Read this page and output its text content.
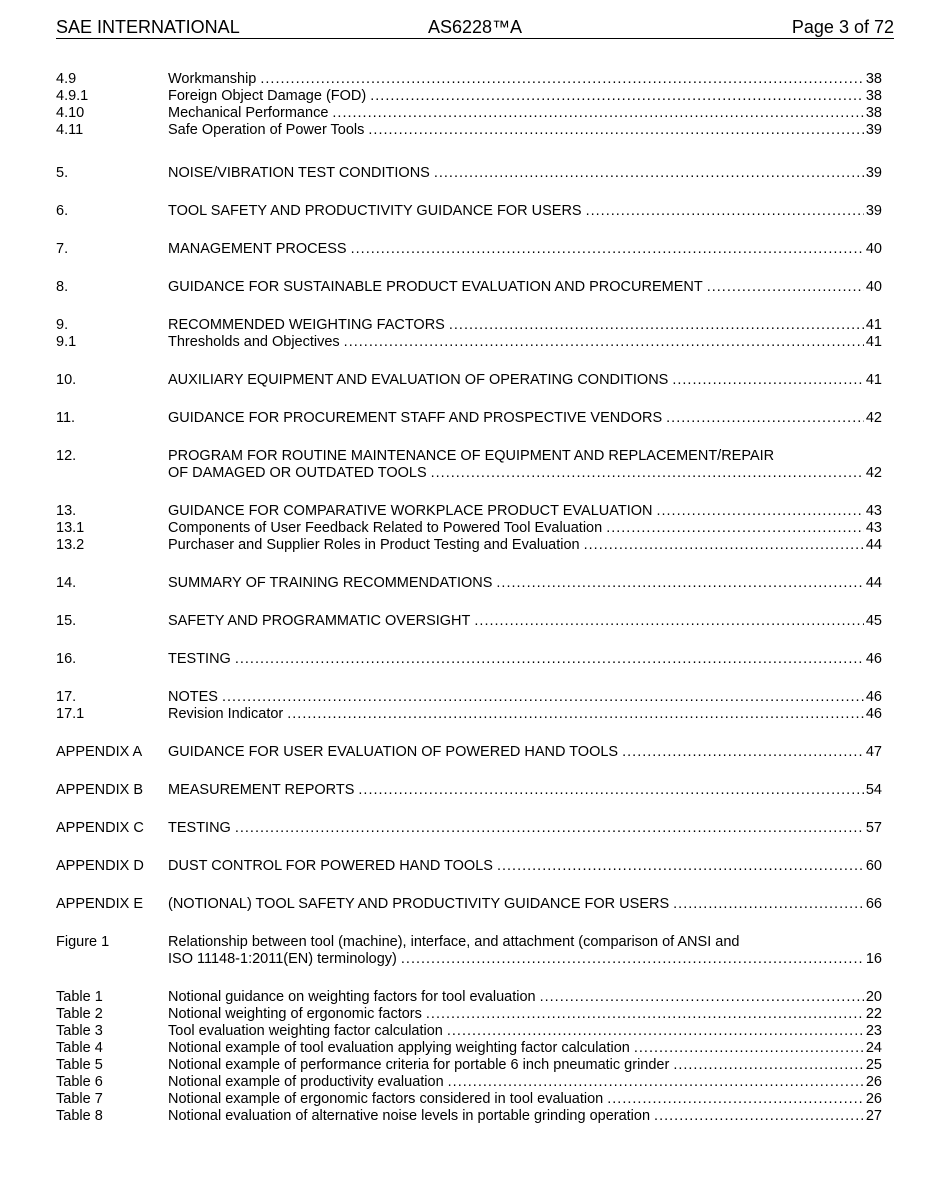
SAE INTERNATIONAL	AS6228™A	Page 3 of 72
4.9	Workmanship .....	38
4.9.1	Foreign Object Damage (FOD) .....	38
4.10	Mechanical Performance .....	38
4.11	Safe Operation of Power Tools .....	39
5.	NOISE/VIBRATION TEST CONDITIONS .....	39
6.	TOOL SAFETY AND PRODUCTIVITY GUIDANCE FOR USERS .....	39
7.	MANAGEMENT PROCESS .....	40
8.	GUIDANCE FOR SUSTAINABLE PRODUCT EVALUATION AND PROCUREMENT .....	40
9.	RECOMMENDED WEIGHTING FACTORS .....	41
9.1	Thresholds and Objectives .....	41
10.	AUXILIARY EQUIPMENT AND EVALUATION OF OPERATING CONDITIONS .....	41
11.	GUIDANCE FOR PROCUREMENT STAFF AND PROSPECTIVE VENDORS .....	42
12.	PROGRAM FOR ROUTINE MAINTENANCE OF EQUIPMENT AND REPLACEMENT/REPAIR
OF DAMAGED OR OUTDATED TOOLS .....	42
13.	GUIDANCE FOR COMPARATIVE WORKPLACE PRODUCT EVALUATION .....	43
13.1	Components of User Feedback Related to Powered Tool Evaluation .....	43
13.2	Purchaser and Supplier Roles in Product Testing and Evaluation .....	44
14.	SUMMARY OF TRAINING RECOMMENDATIONS .....	44
15.	SAFETY AND PROGRAMMATIC OVERSIGHT .....	45
16.	TESTING .....	46
17.	NOTES .....	46
17.1	Revision Indicator .....	46
APPENDIX A	GUIDANCE FOR USER EVALUATION OF POWERED HAND TOOLS .....	47
APPENDIX B	MEASUREMENT REPORTS .....	54
APPENDIX C	TESTING .....	57
APPENDIX D	DUST CONTROL FOR POWERED HAND TOOLS .....	60
APPENDIX E	(NOTIONAL) TOOL SAFETY AND PRODUCTIVITY GUIDANCE FOR USERS .....	66
Figure 1	Relationship between tool (machine), interface, and attachment (comparison of ANSI and
ISO 11148-1:2011(EN) terminology) .....	16
Table 1	Notional guidance on weighting factors for tool evaluation .....	20
Table 2	Notional weighting of ergonomic factors .....	22
Table 3	Tool evaluation weighting factor calculation .....	23
Table 4	Notional example of tool evaluation applying weighting factor calculation .....	24
Table 5	Notional example of performance criteria for portable 6 inch pneumatic grinder .....	25
Table 6	Notional example of productivity evaluation .....	26
Table 7	Notional example of ergonomic factors considered in tool evaluation .....	26
Table 8	Notional evaluation of alternative noise levels in portable grinding operation .....	27
